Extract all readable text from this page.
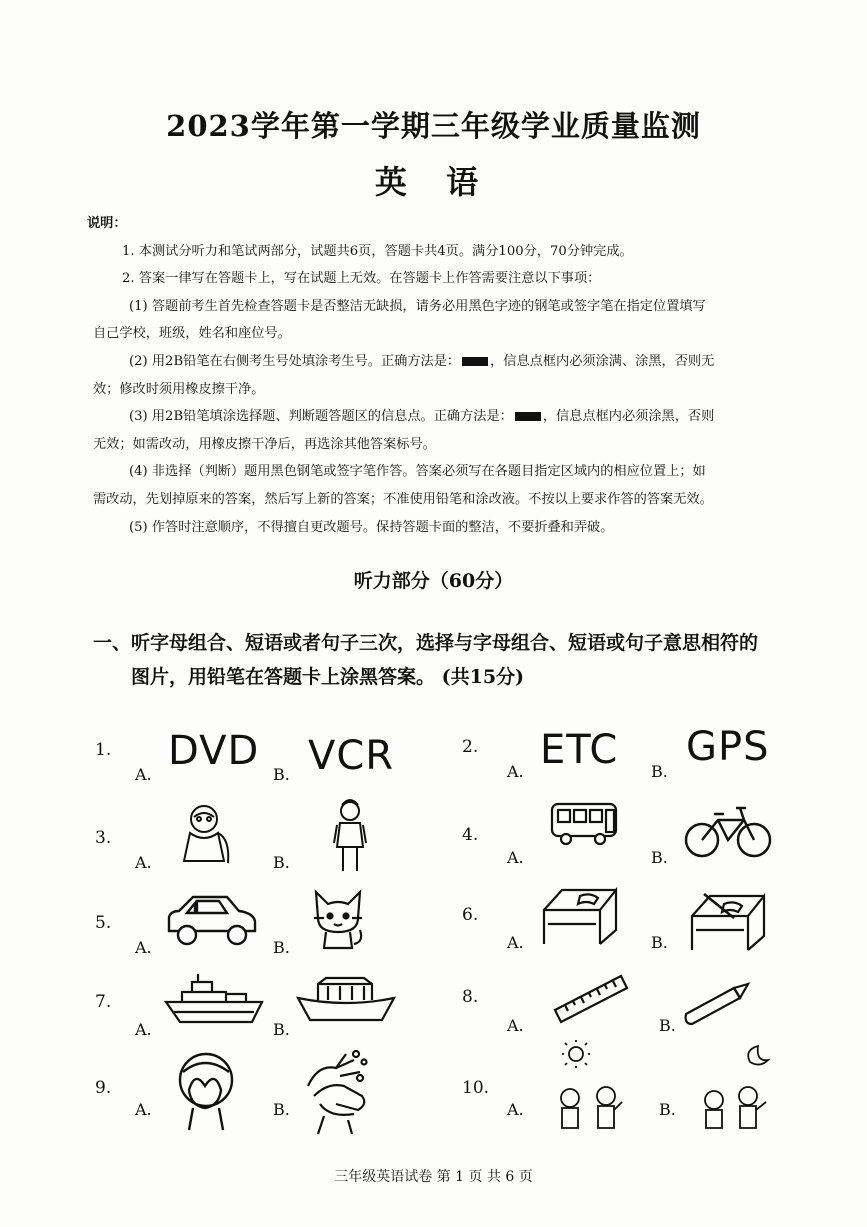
2023学年第一学期三年级学业质量监测
英 语

说明：

1. 本测试分听力和笔试两部分，试题共6页，答题卡共4页。满分100分，70分钟完成。

2. 答案一律写在答题卡上，写在试题上无效。在答题卡上作答需要注意以下事项：

(1) 答题前考生首先检查答题卡是否整洁无缺损，请务必用黑色字迹的钢笔或签字笔在指定位置填写

自己学校，班级，姓名和座位号。

(2) 用2B铅笔在右侧考生号处填涂考生号。正确方法是： ，信息点框内必须涂满、涂黑，否则无

效；修改时须用橡皮擦干净。

(3) 用2B铅笔填涂选择题、判断题答题区的信息点。正确方法是： ，信息点框内必须涂黑，否则

无效；如需改动，用橡皮擦干净后，再选涂其他答案标号。

(4) 非选择（判断）题用黑色钢笔或签字笔作答。答案必须写在各题目指定区域内的相应位置上；如

需改动，先划掉原来的答案，然后写上新的答案；不准使用铅笔和涂改液。不按以上要求作答的答案无效。

(5) 作答时注意顺序，不得擅自更改题号。保持答题卡面的整洁，不要折叠和弄破。

听力部分（60分）
一、听字母组合、短语或者句子三次，选择与字母组合、短语或句子意思相符的
图片，用铅笔在答题卡上涂黑答案。 (共15分)
1.
A.
DVD
B. VCR	2.
A. ETC B.
GPS
3.
A.	B.
4.
A.	B.
5.
A.	B.
6.
A.	B.
7.
A.	B.
8.
A.	B.
9.
A.	B.
10.
A.	B.
三年级英语试卷 第 1 页 共 6 页
